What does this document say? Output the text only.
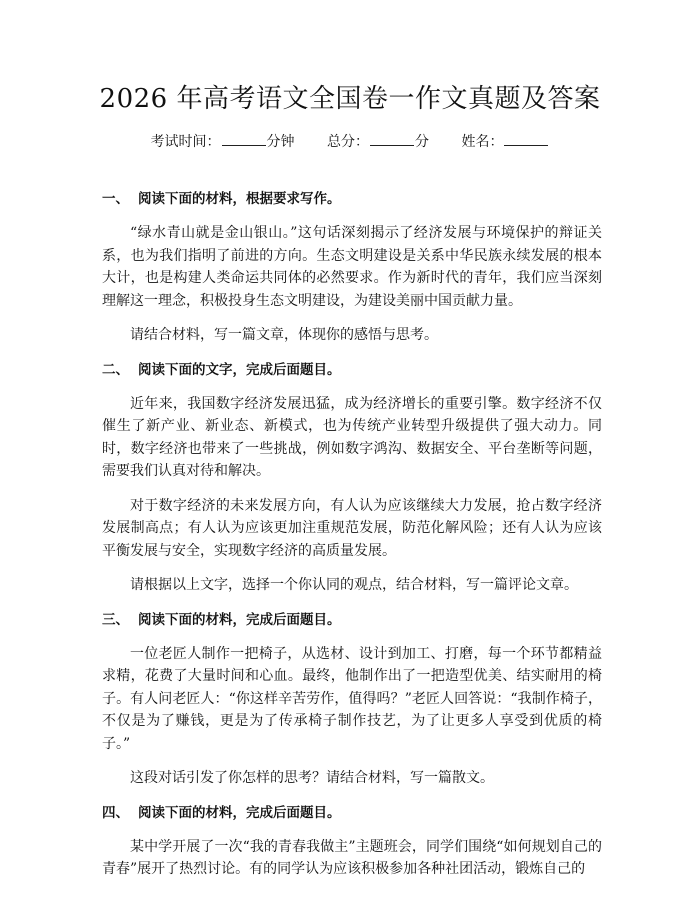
2026 年高考语文全国卷一作文真题及答案
考试时间：	分钟 总分：	分 姓名：
一、 阅读下面的材料，根据要求写作。

“绿水青山就是金山银山。”这句话深刻揭示了经济发展与环境保护的辩证关系，也为我们指明了前进的方向。生态文明建设是关系中华民族永续发展的根本大计，也是构建人类命运共同体的必然要求。作为新时代的青年，我们应当深刻理解这一理念，积极投身生态文明建设，为建设美丽中国贡献力量。

请结合材料，写一篇文章，体现你的感悟与思考。

二、 阅读下面的文字，完成后面题目。

近年来，我国数字经济发展迅猛，成为经济增长的重要引擎。数字经济不仅催生了新产业、新业态、新模式，也为传统产业转型升级提供了强大动力。同时，数字经济也带来了一些挑战，例如数字鸿沟、数据安全、平台垄断等问题，需要我们认真对待和解决。

对于数字经济的未来发展方向，有人认为应该继续大力发展，抢占数字经济发展制高点；有人认为应该更加注重规范发展，防范化解风险；还有人认为应该平衡发展与安全，实现数字经济的高质量发展。

请根据以上文字，选择一个你认同的观点，结合材料，写一篇评论文章。

三、 阅读下面的材料，完成后面题目。

一位老匠人制作一把椅子，从选材、设计到加工、打磨，每一个环节都精益求精，花费了大量时间和心血。最终，他制作出了一把造型优美、结实耐用的椅子。有人问老匠人：“你这样辛苦劳作，值得吗？”老匠人回答说：“我制作椅子，不仅是为了赚钱，更是为了传承椅子制作技艺，为了让更多人享受到优质的椅子。”

这段对话引发了你怎样的思考？请结合材料，写一篇散文。

四、 阅读下面的材料，完成后面题目。

某中学开展了一次“我的青春我做主”主题班会，同学们围绕“如何规划自己的青春”展开了热烈讨论。有的同学认为应该积极参加各种社团活动，锻炼自己的
